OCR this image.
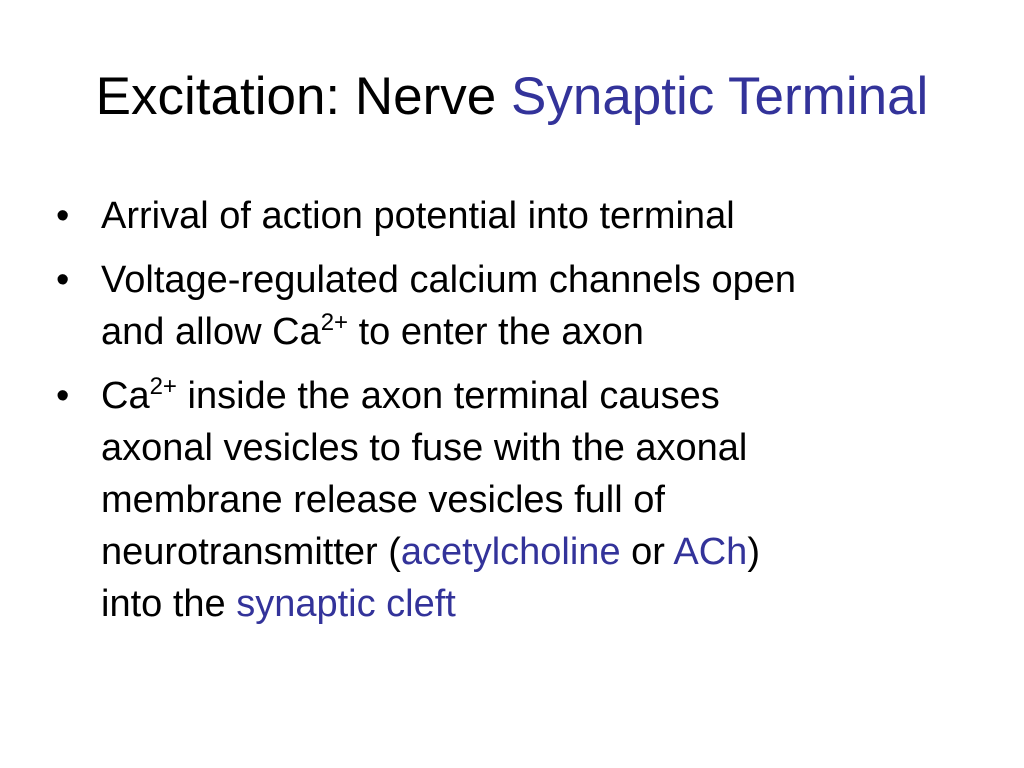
Excitation: Nerve Synaptic Terminal
• Arrival of action potential into terminal
• Voltage-regulated calcium channels open
and allow $Ca^{2+}$ to enter the axon
• $Ca^{2+}$ inside the axon terminal causes
axonal vesicles to fuse with the axonal
membrane release vesicles full of
neurotransmitter (acetylcholine or ACh)
into the synaptic cleft
